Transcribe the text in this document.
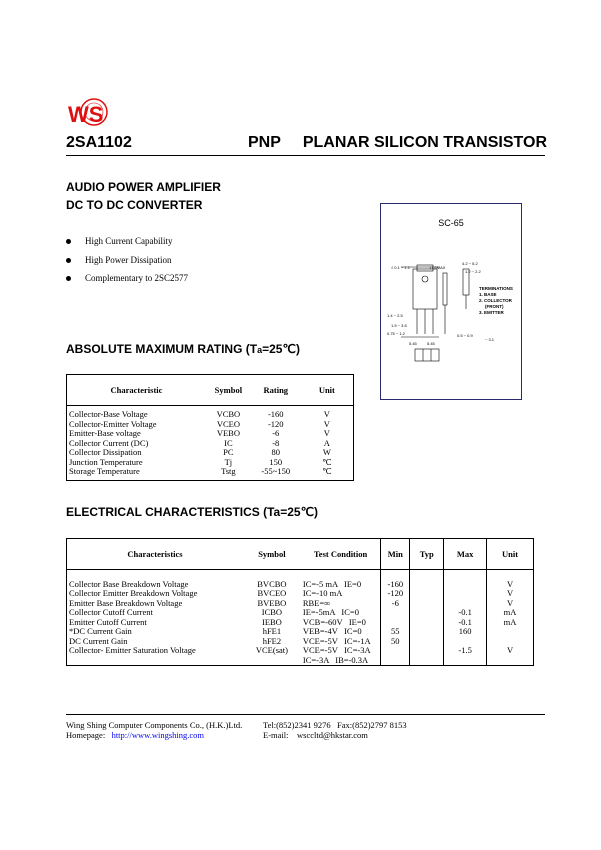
WS
2SA1102	PNP     PLANAR SILICON TRANSISTOR
AUDIO POWER AMPLIFIER
DC TO DC CONVERTER
High Current Capability
High Power Dissipation
Complementary to 2SC2577
SC-65
√ 0.1 ~ 1.1	17.6MAX
4.2 ~ 5.2
1.2 ~ 2.2
1.4 ~ 2.5
1.5 ~ 3.5
0.75 ~ 1.2	0.5 ~ 0.9
~ 3.1
5.45	5.45
TERMINATIONS
1. BASE
2. COLLECTOR
(FRONT)
3. EMITTER
ABSOLUTE MAXIMUM RATING (Ta=25℃)
Characteristic	Symbol	Rating	Unit

Collector-Base Voltage	VCBO	-160	V
Collector-Emitter Voltage	VCEO	-120	V
Emitter-Base voltage	VEBO	-6	V
Collector Current (DC)	IC	-8	A
Collector Dissipation	PC	80	W
Junction Temperature	Tj	150	℃
Storage Temperature	Tstg	-55~150	℃

ELECTRICAL CHARACTERISTICS (Ta=25℃)
Characteristics	Symbol	Test Condition	Min	Typ	Max	Unit

Collector Base Breakdown Voltage	BVCBO	IC=-5 mA   IE=0	-160			V
Collector Emitter Breakdown Voltage	BVCEO	IC=-10 mA	-120			V
Emitter Base Breakdown Voltage	BVEBO	RBE=∞	-6			V
Collector Cutoff Current	ICBO	IE=-5mA   IC=0			-0.1	mA
Emitter Cutoff Current	IEBO	VCB=-60V   IE=0			-0.1	mA
*DC Current Gain	hFE1	VEB=-4V   IC=0	55		160	
DC Current Gain	hFE2	VCE=-5V   IC=-1A	50			
Collector- Emitter Saturation Voltage	VCE(sat)	VCE=-5V   IC=-3A			-1.5	V
		IC=-3A   IB=-0.3A				
Wing Shing Computer Components Co., (H.K.)Ltd.
Homepage: http://www.wingshing.com
Tel:(852)2341 9276   Fax:(852)2797 8153
E-mail: wsccltd@hkstar.com
